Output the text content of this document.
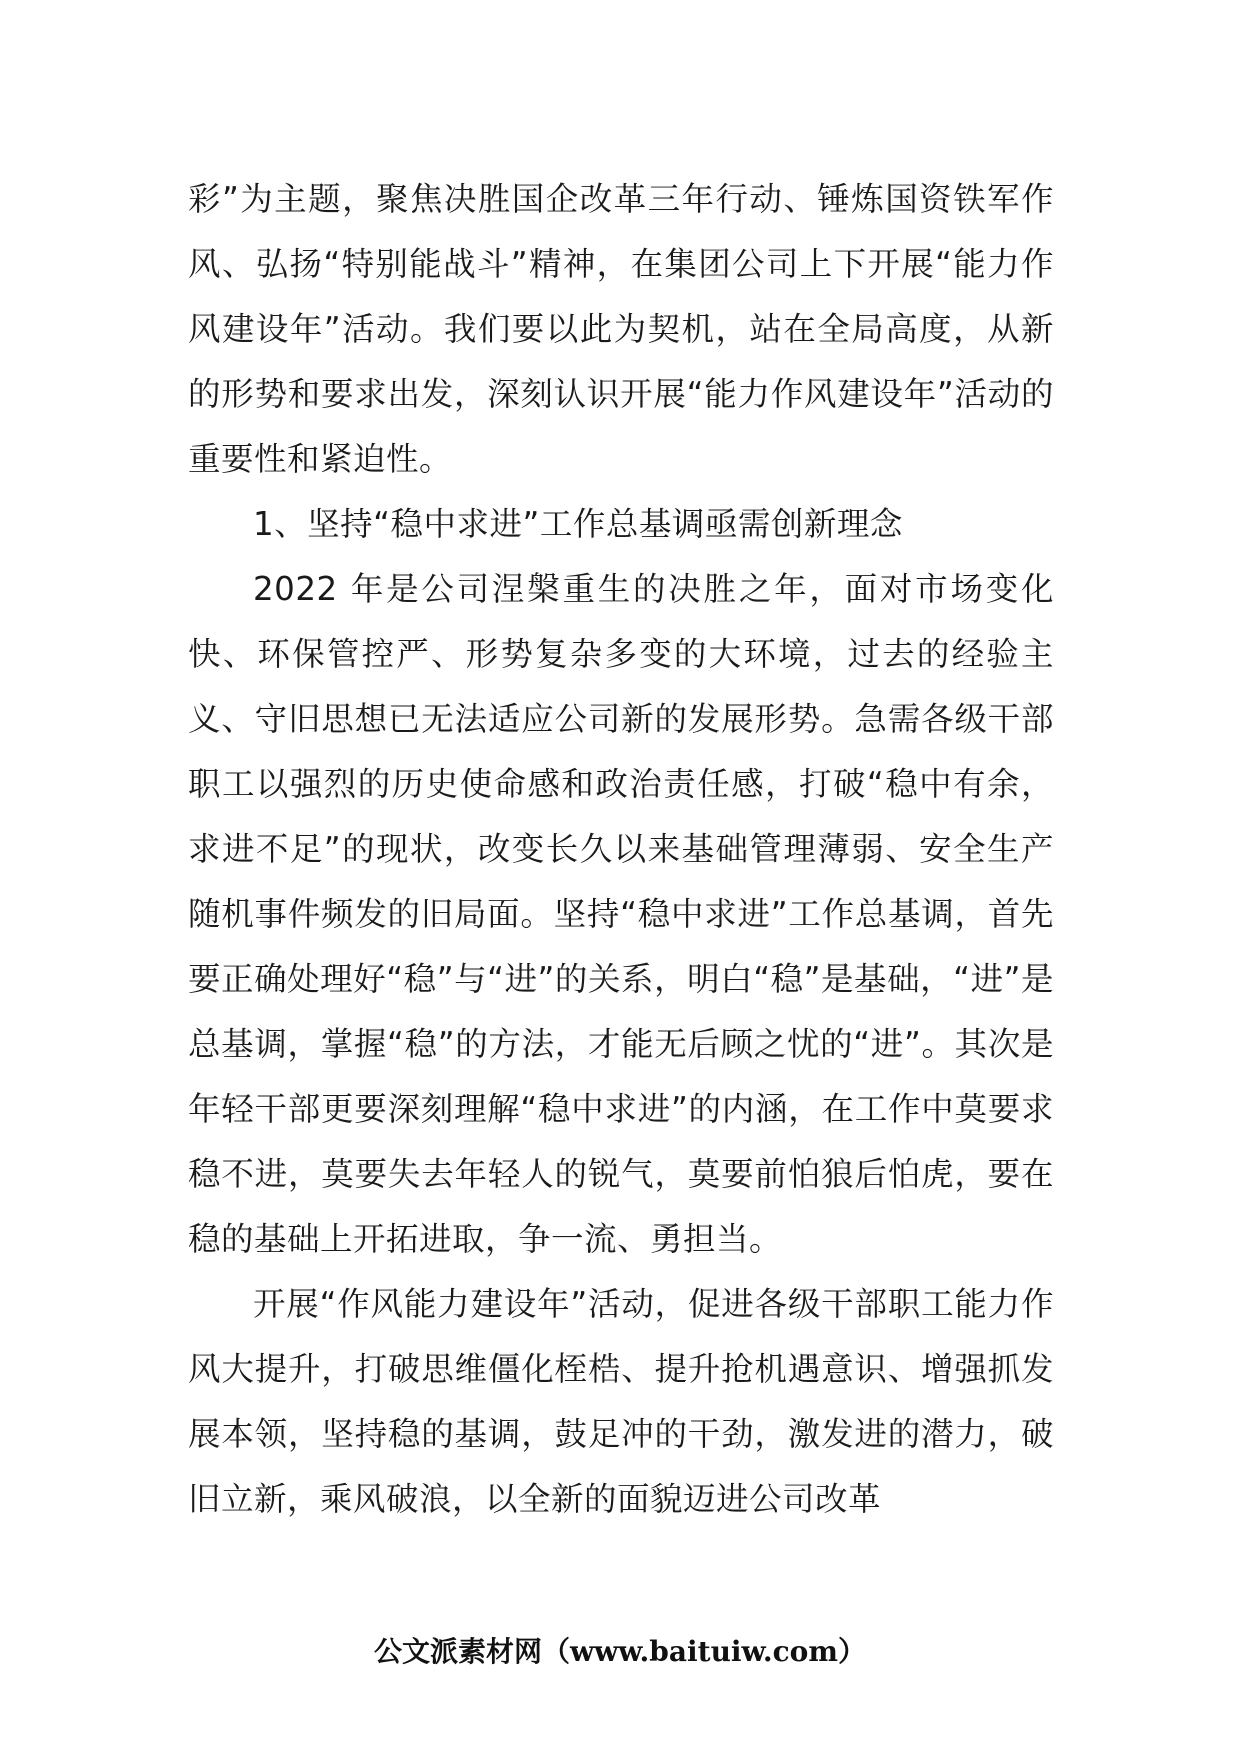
彩”为主题，聚焦决胜国企改革三年行动、锤炼国资铁军作风、弘扬“特别能战斗”精神，在集团公司上下开展“能力作风建设年”活动。我们要以此为契机，站在全局高度，从新的形势和要求出发，深刻认识开展“能力作风建设年”活动的重要性和紧迫性。

1、坚持“稳中求进”工作总基调亟需创新理念

2022 年是公司涅槃重生的决胜之年，面对市场变化快、环保管控严、形势复杂多变的大环境，过去的经验主义、守旧思想已无法适应公司新的发展形势。急需各级干部职工以强烈的历史使命感和政治责任感，打破“稳中有余，求进不足”的现状，改变长久以来基础管理薄弱、安全生产随机事件频发的旧局面。坚持“稳中求进”工作总基调，首先要正确处理好“稳”与“进”的关系，明白“稳”是基础，“进”是总基调，掌握“稳”的方法，才能无后顾之忧的“进”。其次是年轻干部更要深刻理解“稳中求进”的内涵，在工作中莫要求稳不进，莫要失去年轻人的锐气，莫要前怕狼后怕虎，要在稳的基础上开拓进取，争一流、勇担当。

开展“作风能力建设年”活动，促进各级干部职工能力作风大提升，打破思维僵化桎梏、提升抢机遇意识、增强抓发展本领，坚持稳的基调，鼓足冲的干劲，激发进的潜力，破旧立新，乘风破浪，以全新的面貌迈进公司改革

公文派素材网（www.baituiw.com）
